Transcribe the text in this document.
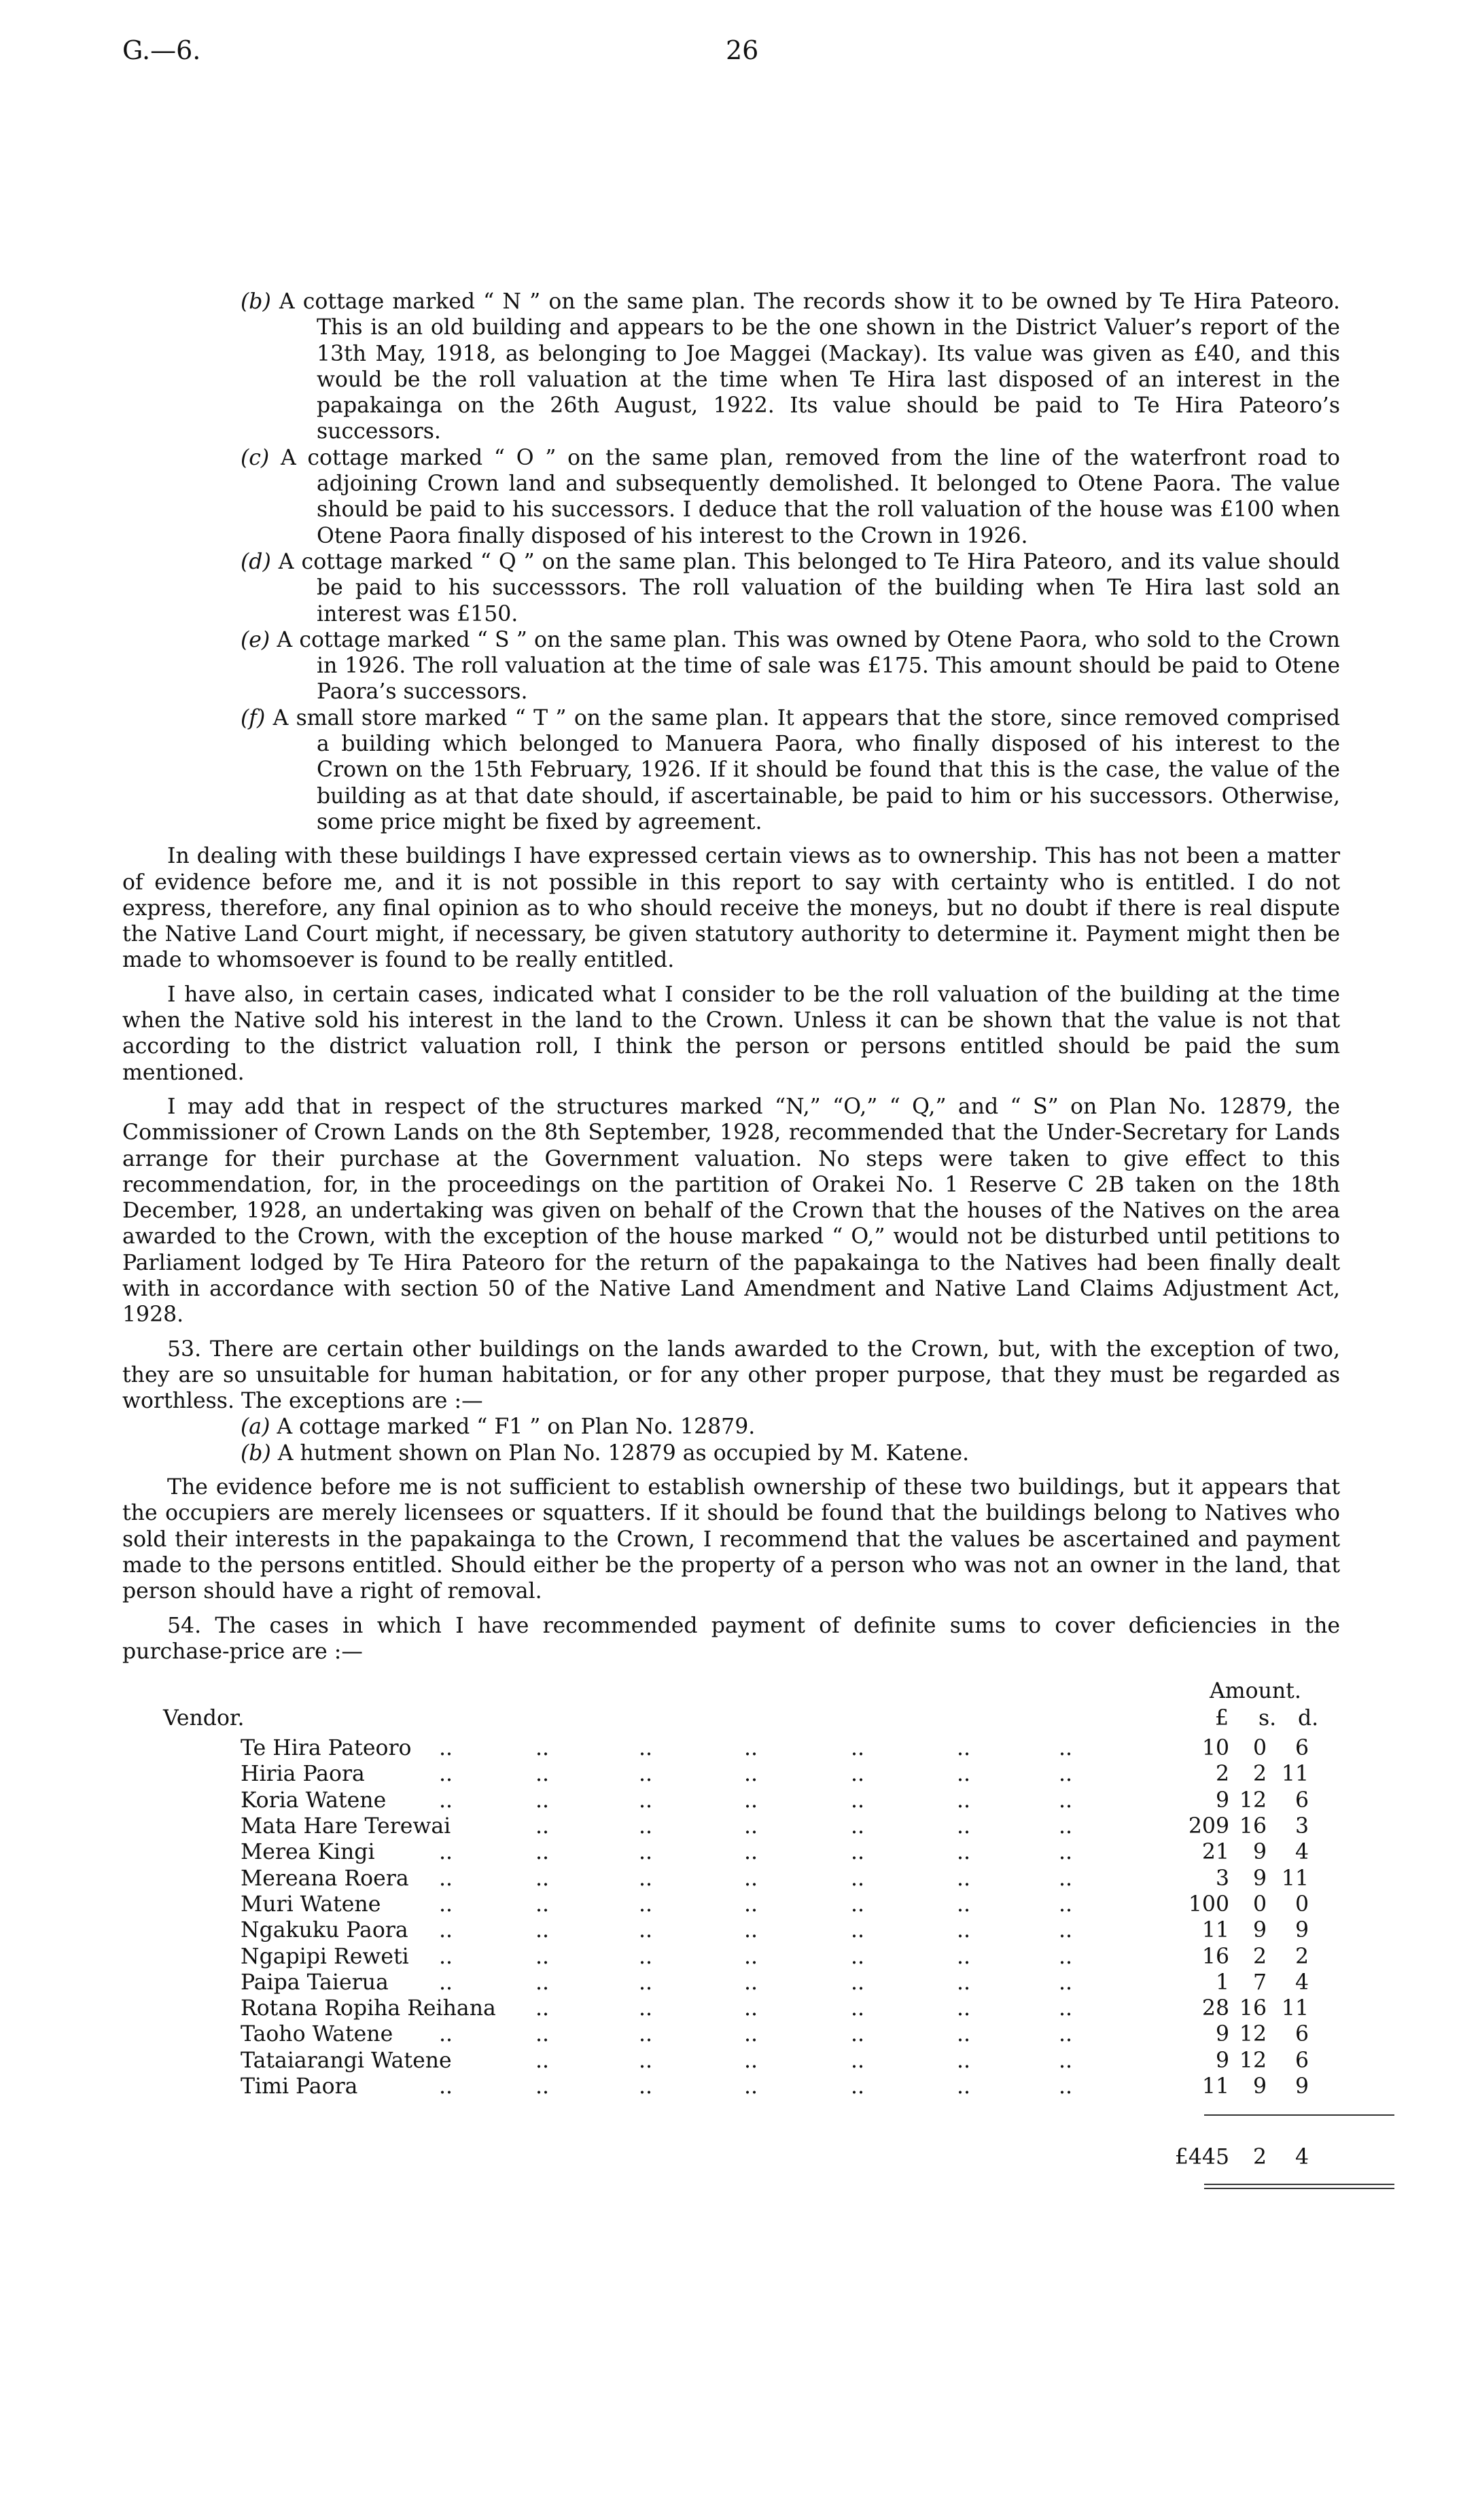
G.—6.	26

(b) A cottage marked “ N ” on the same plan. The records show it to be owned by Te Hira Pateoro. This is an old building and appears to be the one shown in the District Valuer’s report of the 13th May, 1918, as belonging to Joe Maggei (Mackay). Its value was given as £40, and this would be the roll valuation at the time when Te Hira last disposed of an interest in the papakainga on the 26th August, 1922. Its value should be paid to Te Hira Pateoro’s successors.

(c) A cottage marked “ O ” on the same plan, removed from the line of the waterfront road to adjoining Crown land and subsequently demolished. It belonged to Otene Paora. The value should be paid to his successors. I deduce that the roll valuation of the house was £100 when Otene Paora finally disposed of his interest to the Crown in 1926.

(d) A cottage marked “ Q ” on the same plan. This belonged to Te Hira Pateoro, and its value should be paid to his successsors. The roll valuation of the building when Te Hira last sold an interest was £150.

(e) A cottage marked “ S ” on the same plan. This was owned by Otene Paora, who sold to the Crown in 1926. The roll valuation at the time of sale was £175. This amount should be paid to Otene Paora’s successors.

(f) A small store marked “ T ” on the same plan. It appears that the store, since removed comprised a building which belonged to Manuera Paora, who finally disposed of his interest to the Crown on the 15th February, 1926. If it should be found that this is the case, the value of the building as at that date should, if ascertainable, be paid to him or his successors. Otherwise, some price might be fixed by agreement.

In dealing with these buildings I have expressed certain views as to ownership. This has not been a matter of evidence before me, and it is not possible in this report to say with certainty who is entitled. I do not express, therefore, any final opinion as to who should receive the moneys, but no doubt if there is real dispute the Native Land Court might, if necessary, be given statutory authority to determine it. Payment might then be made to whomsoever is found to be really entitled.

I have also, in certain cases, indicated what I consider to be the roll valuation of the building at the time when the Native sold his interest in the land to the Crown. Unless it can be shown that the value is not that according to the district valuation roll, I think the person or persons entitled should be paid the sum mentioned.

I may add that in respect of the structures marked “N,” “O,” “ Q,” and “ S” on Plan No. 12879, the Commissioner of Crown Lands on the 8th September, 1928, recommended that the Under-Secretary for Lands arrange for their purchase at the Government valuation. No steps were taken to give effect to this recommendation, for, in the proceedings on the partition of Orakei No. 1 Reserve C 2B taken on the 18th December, 1928, an undertaking was given on behalf of the Crown that the houses of the Natives on the area awarded to the Crown, with the exception of the house marked “ O,” would not be disturbed until petitions to Parliament lodged by Te Hira Pateoro for the return of the papakainga to the Natives had been finally dealt with in accordance with section 50 of the Native Land Amendment and Native Land Claims Adjustment Act, 1928.

53. There are certain other buildings on the lands awarded to the Crown, but, with the exception of two, they are so unsuitable for human habitation, or for any other proper purpose, that they must be regarded as worthless. The exceptions are :—

(a) A cottage marked “ F1 ” on Plan No. 12879.

(b) A hutment shown on Plan No. 12879 as occupied by M. Katene.

The evidence before me is not sufficient to establish ownership of these two buildings, but it appears that the occupiers are merely licensees or squatters. If it should be found that the buildings belong to Natives who sold their interests in the papakainga to the Crown, I recommend that the values be ascertained and payment made to the persons entitled. Should either be the property of a person who was not an owner in the land, that person should have a right of removal.

54. The cases in which I have recommended payment of definite sums to cover deficiencies in the purchase-price are :—

Amount.
Vendor.	£ s. d.
Te Hira Pateoro	10 0 6
..	..	..	..	..	..	..
Hiria Paora	2 2 11
..	..	..	..	..	..	..
Koria Watene	9 12 6
..	..	..	..	..	..	..
Mata Hare Terewai	209 16 3
..	..	..	..	..	..
Merea Kingi	21 9 4
..	..	..	..	..	..	..
Mereana Roera	3 9 11
..	..	..	..	..	..	..
Muri Watene	100 0 0
..	..	..	..	..	..	..
Ngakuku Paora	11 9 9
..	..	..	..	..	..	..
Ngapipi Reweti	16 2 2
..	..	..	..	..	..	..
Paipa Taierua	1 7 4
..	..	..	..	..	..	..
Rotana Ropiha Reihana	28 16 11
..	..	..	..	..	..
Taoho Watene	9 12 6
..	..	..	..	..	..	..
Tataiarangi Watene	9 12 6
..	..	..	..	..	..
Timi Paora	11 9 9
..	..	..	..	..	..	..
£445 2 4
